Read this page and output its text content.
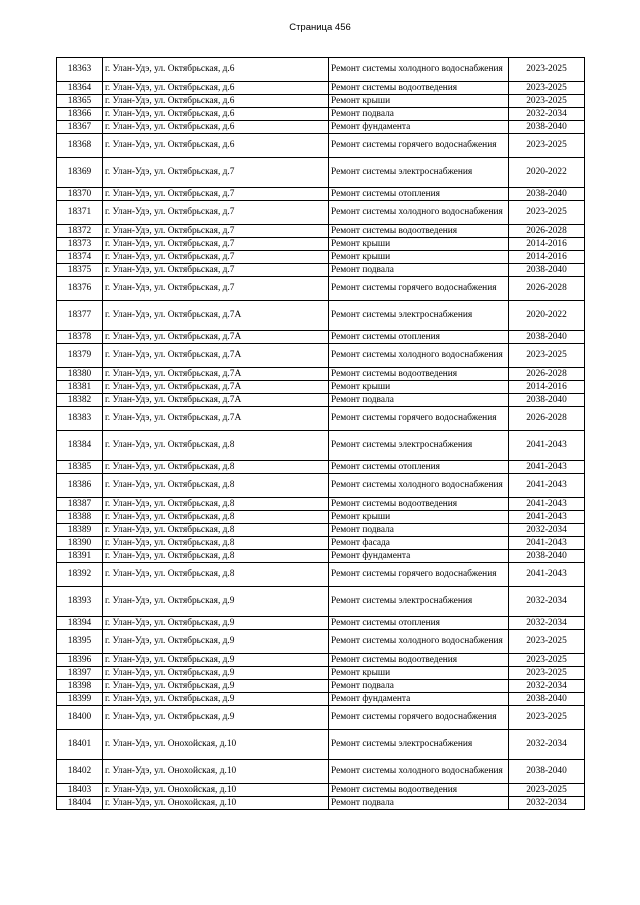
Страница 456
18363	г. Улан-Удэ, ул. Октябрьская, д.6	Ремонт системы холодного водоснабжения	2023-2025
18364	г. Улан-Удэ, ул. Октябрьская, д.6	Ремонт системы водоотведения	2023-2025
18365	г. Улан-Удэ, ул. Октябрьская, д.6	Ремонт крыши	2023-2025
18366	г. Улан-Удэ, ул. Октябрьская, д.6	Ремонт подвала	2032-2034
18367	г. Улан-Удэ, ул. Октябрьская, д.6	Ремонт фундамента	2038-2040
18368	г. Улан-Удэ, ул. Октябрьская, д.6	Ремонт системы горячего водоснабжения	2023-2025
18369	г. Улан-Удэ, ул. Октябрьская, д.7	Ремонт системы электроснабжения	2020-2022
18370	г. Улан-Удэ, ул. Октябрьская, д.7	Ремонт системы отопления	2038-2040
18371	г. Улан-Удэ, ул. Октябрьская, д.7	Ремонт системы холодного водоснабжения	2023-2025
18372	г. Улан-Удэ, ул. Октябрьская, д.7	Ремонт системы водоотведения	2026-2028
18373	г. Улан-Удэ, ул. Октябрьская, д.7	Ремонт крыши	2014-2016
18374	г. Улан-Удэ, ул. Октябрьская, д.7	Ремонт крыши	2014-2016
18375	г. Улан-Удэ, ул. Октябрьская, д.7	Ремонт подвала	2038-2040
18376	г. Улан-Удэ, ул. Октябрьская, д.7	Ремонт системы горячего водоснабжения	2026-2028
18377	г. Улан-Удэ, ул. Октябрьская, д.7А	Ремонт системы электроснабжения	2020-2022
18378	г. Улан-Удэ, ул. Октябрьская, д.7А	Ремонт системы отопления	2038-2040
18379	г. Улан-Удэ, ул. Октябрьская, д.7А	Ремонт системы холодного водоснабжения	2023-2025
18380	г. Улан-Удэ, ул. Октябрьская, д.7А	Ремонт системы водоотведения	2026-2028
18381	г. Улан-Удэ, ул. Октябрьская, д.7А	Ремонт крыши	2014-2016
18382	г. Улан-Удэ, ул. Октябрьская, д.7А	Ремонт подвала	2038-2040
18383	г. Улан-Удэ, ул. Октябрьская, д.7А	Ремонт системы горячего водоснабжения	2026-2028
18384	г. Улан-Удэ, ул. Октябрьская, д.8	Ремонт системы электроснабжения	2041-2043
18385	г. Улан-Удэ, ул. Октябрьская, д.8	Ремонт системы отопления	2041-2043
18386	г. Улан-Удэ, ул. Октябрьская, д.8	Ремонт системы холодного водоснабжения	2041-2043
18387	г. Улан-Удэ, ул. Октябрьская, д.8	Ремонт системы водоотведения	2041-2043
18388	г. Улан-Удэ, ул. Октябрьская, д.8	Ремонт крыши	2041-2043
18389	г. Улан-Удэ, ул. Октябрьская, д.8	Ремонт подвала	2032-2034
18390	г. Улан-Удэ, ул. Октябрьская, д.8	Ремонт фасада	2041-2043
18391	г. Улан-Удэ, ул. Октябрьская, д.8	Ремонт фундамента	2038-2040
18392	г. Улан-Удэ, ул. Октябрьская, д.8	Ремонт системы горячего водоснабжения	2041-2043
18393	г. Улан-Удэ, ул. Октябрьская, д.9	Ремонт системы электроснабжения	2032-2034
18394	г. Улан-Удэ, ул. Октябрьская, д.9	Ремонт системы отопления	2032-2034
18395	г. Улан-Удэ, ул. Октябрьская, д.9	Ремонт системы холодного водоснабжения	2023-2025
18396	г. Улан-Удэ, ул. Октябрьская, д.9	Ремонт системы водоотведения	2023-2025
18397	г. Улан-Удэ, ул. Октябрьская, д.9	Ремонт крыши	2023-2025
18398	г. Улан-Удэ, ул. Октябрьская, д.9	Ремонт подвала	2032-2034
18399	г. Улан-Удэ, ул. Октябрьская, д.9	Ремонт фундамента	2038-2040
18400	г. Улан-Удэ, ул. Октябрьская, д.9	Ремонт системы горячего водоснабжения	2023-2025
18401	г. Улан-Удэ, ул. Онохойская, д.10	Ремонт системы электроснабжения	2032-2034
18402	г. Улан-Удэ, ул. Онохойская, д.10	Ремонт системы холодного водоснабжения	2038-2040
18403	г. Улан-Удэ, ул. Онохойская, д.10	Ремонт системы водоотведения	2023-2025
18404	г. Улан-Удэ, ул. Онохойская, д.10	Ремонт подвала	2032-2034
